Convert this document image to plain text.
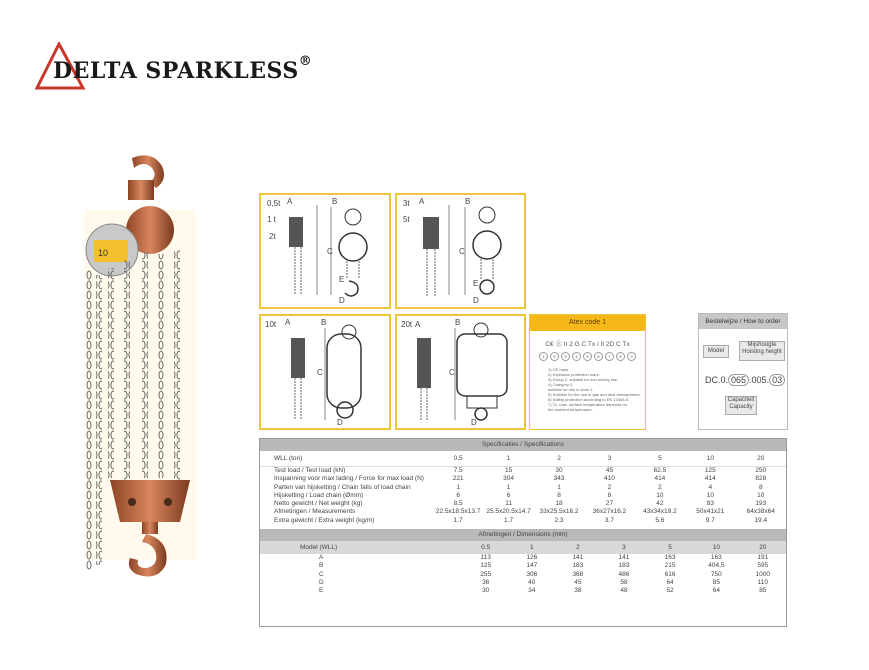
DELTA SPARKLESS®
10
0,5t
1 t
2t
A	B
C
E
D
3t
5t
A	B
C
E
D
10t A	B
C
D
20t A	B
C
D
Atex code 1
C€ Ⓔ II 2 G C Tx / II 2D C Tx
1	2	3	4	5	6	7	8	9
1) CE mark.
2) Explosion protection mark.
3) Group 2, suitable for non mining use.
4) Category 2,
suitable for use in zone 1.
5) Suitable for the use in gas and dust atmospheres.
6) Safety protection according to EN 13463-5.
7) Tx, max. surface temperature depends on
the ambient temperature.
Bestelwijze / How to order
Model
Mijshoogte Hoisting height
DC.0. 065 .005. 03
Capaciteit Capacity
Specificaties / Specifications
WLL (ton)	0.5	1	2	3	5	10	20
Test load / Test load (kN)	7.5	15	30	45	62.5	125	250
Inspanning voor max lading / Force for max load (N)	221	304	343	410	414	414	828
Parten van hijsketting / Chain falls of load chain	1	1	1	2	2	4	8
Hijsketting / Load chain (Ømm)	6	6	8	8	10	10	10
Netto gewicht / Net weight (kg)	8.5	11	18	27	42	83	193
Afmetingen / Measurements	22.5x18.5x13.7	25.5x20.5x14.7	33x25.5x16.2	36x27x16.2	43x34x19.2	50x41x21	64x38x64
Extra gewicht / Extra weight (kg/m)	1.7	1.7	2.3	3.7	5.6	9.7	19.4
Afmetingen / Dimensions (mm)
Model (WLL)	0.5	1	2	3	5	10	20
A	113	126	141	141	163	163	191
B	125	147	183	183	215	404,5	595
C	255	306	368	486	616	750	1000
D	36	40	45	58	64	85	110
E	30	34	38	48	52	64	85
